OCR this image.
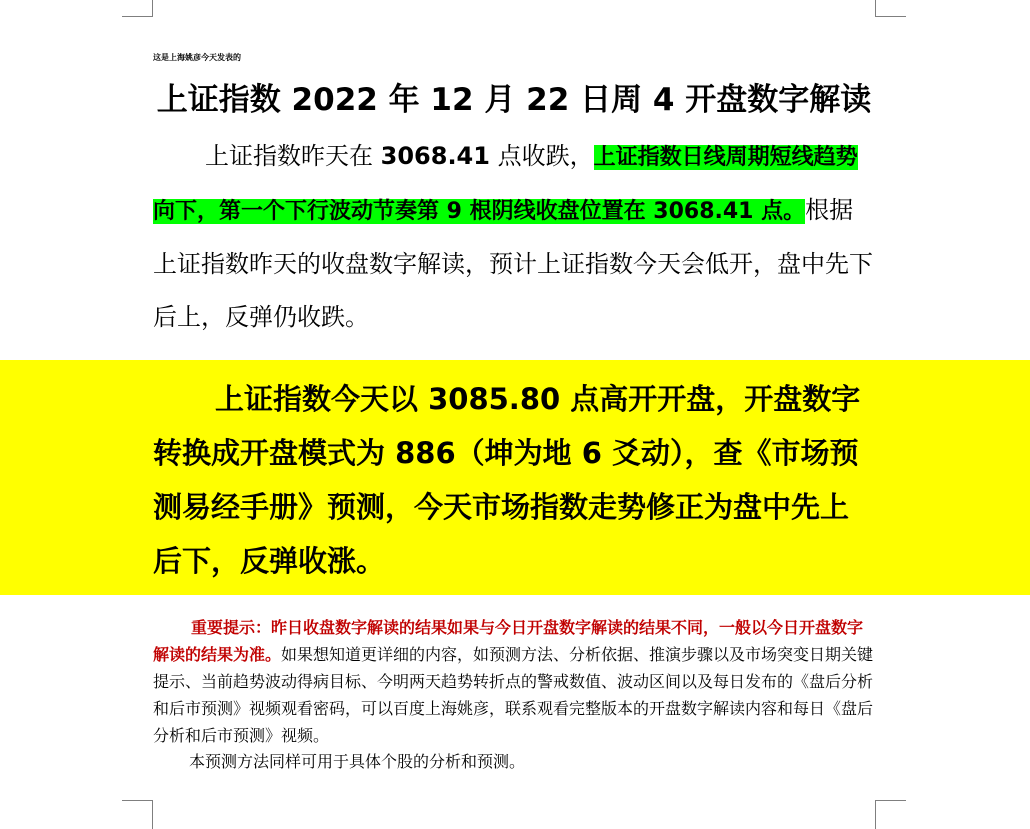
这是上海姚彦今天发表的
上证指数 2022 年 12 月 22 日周 4 开盘数字解读
上证指数昨天在 3068.41 点收跌，上证指数日线周期短线趋势向下，第一个下行波动节奏第 9 根阴线收盘位置在 3068.41 点。根据上证指数昨天的收盘数字解读，预计上证指数今天会低开，盘中先下后上，反弹仍收跌。
上证指数今天以 3085.80 点高开开盘，开盘数字转换成开盘模式为 886（坤为地 6 爻动），查《市场预测易经手册》预测，今天市场指数走势修正为盘中先上后下，反弹收涨。
重要提示：昨日收盘数字解读的结果如果与今日开盘数字解读的结果不同，一般以今日开盘数字解读的结果为准。如果想知道更详细的内容，如预测方法、分析依据、推演步骤以及市场突变日期关键提示、当前趋势波动得病目标、今明两天趋势转折点的警戒数值、波动区间以及每日发布的《盘后分析和后市预测》视频观看密码，可以百度上海姚彦，联系观看完整版本的开盘数字解读内容和每日《盘后分析和后市预测》视频。
本预测方法同样可用于具体个股的分析和预测。
